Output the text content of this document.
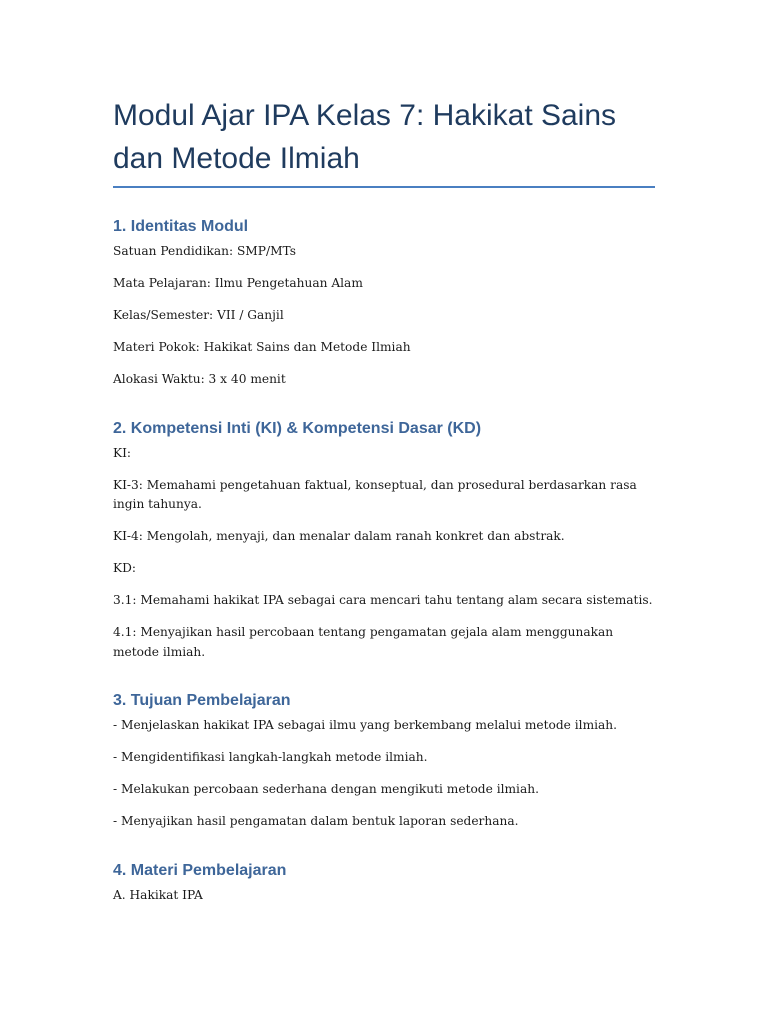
Modul Ajar IPA Kelas 7: Hakikat Sains dan Metode Ilmiah
1. Identitas Modul

Satuan Pendidikan: SMP/MTs

Mata Pelajaran: Ilmu Pengetahuan Alam

Kelas/Semester: VII / Ganjil

Materi Pokok: Hakikat Sains dan Metode Ilmiah

Alokasi Waktu: 3 x 40 menit

2. Kompetensi Inti (KI) & Kompetensi Dasar (KD)

KI:

KI-3: Memahami pengetahuan faktual, konseptual, dan prosedural berdasarkan rasa ingin tahunya.

KI-4: Mengolah, menyaji, dan menalar dalam ranah konkret dan abstrak.

KD:

3.1: Memahami hakikat IPA sebagai cara mencari tahu tentang alam secara sistematis.

4.1: Menyajikan hasil percobaan tentang pengamatan gejala alam menggunakan metode ilmiah.

3. Tujuan Pembelajaran

- Menjelaskan hakikat IPA sebagai ilmu yang berkembang melalui metode ilmiah.

- Mengidentifikasi langkah-langkah metode ilmiah.

- Melakukan percobaan sederhana dengan mengikuti metode ilmiah.

- Menyajikan hasil pengamatan dalam bentuk laporan sederhana.

4. Materi Pembelajaran

A. Hakikat IPA
